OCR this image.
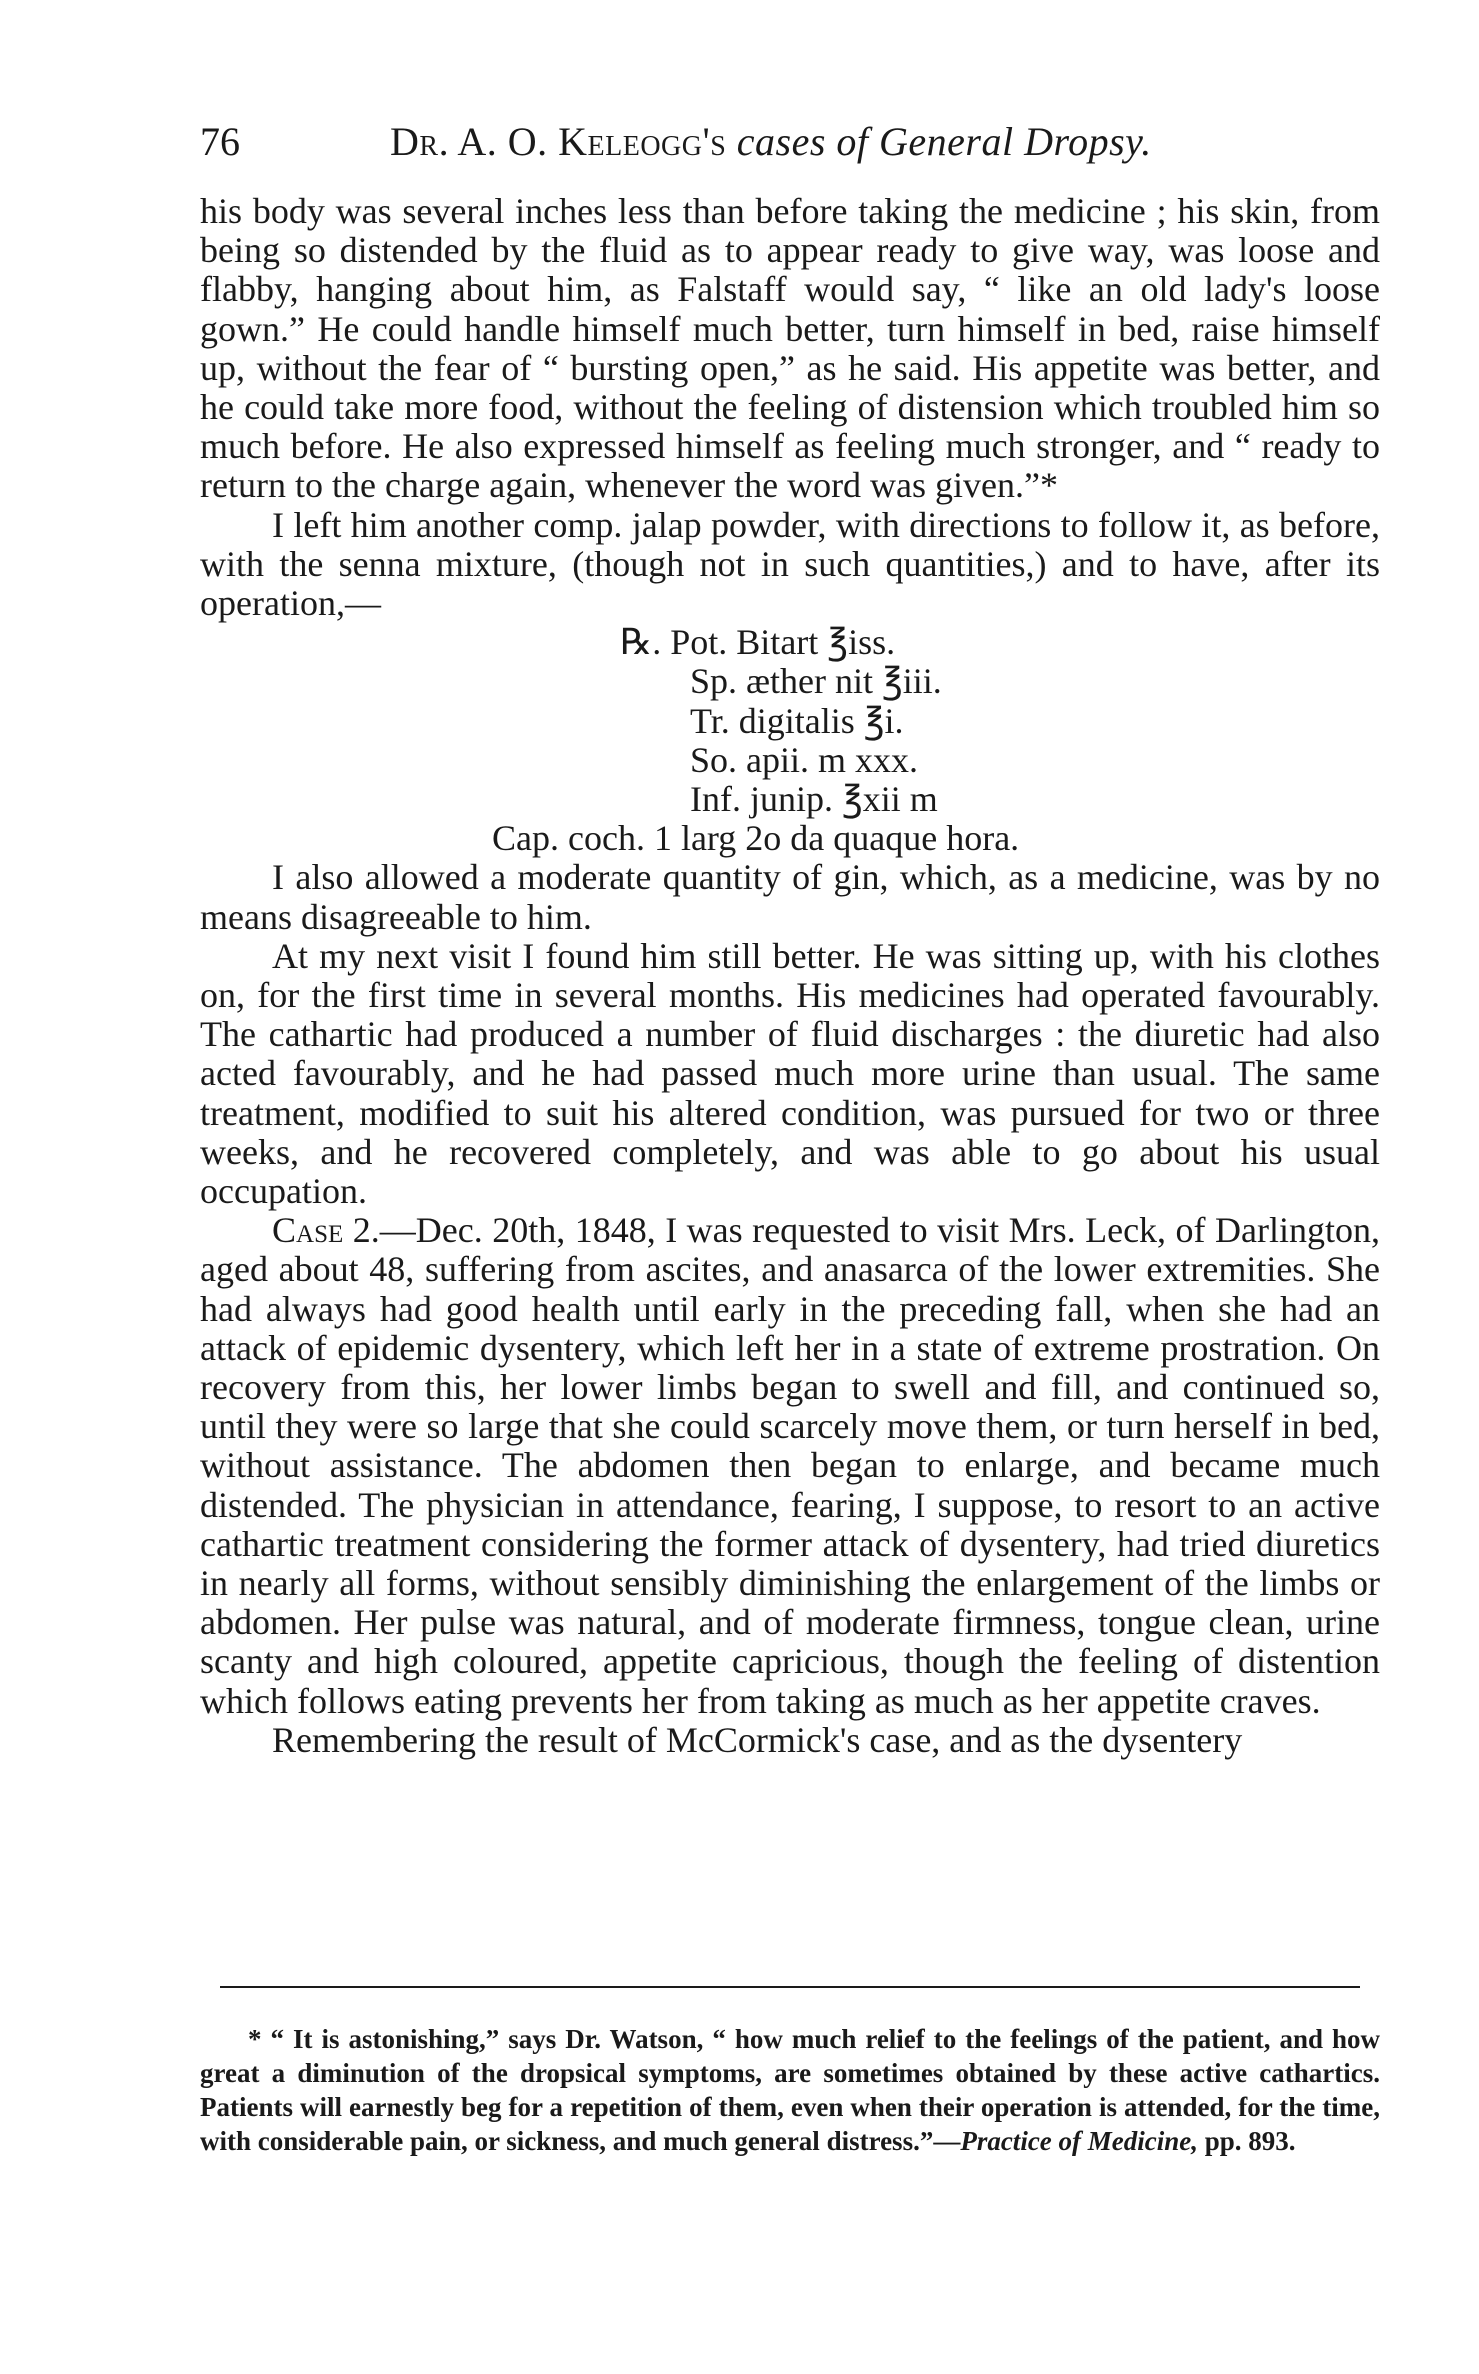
76	Dr. A. O. Keleogg's cases of General Dropsy.

his body was several inches less than before taking the medicine ; his skin, from being so distended by the fluid as to appear ready to give way, was loose and flabby, hanging about him, as Falstaff would say, “ like an old lady's loose gown.” He could handle himself much better, turn himself in bed, raise himself up, without the fear of “ bursting open,” as he said. His appetite was better, and he could take more food, without the feeling of distension which troubled him so much before. He also expressed himself as feeling much stronger, and “ ready to return to the charge again, whenever the word was given.”*

I left him another comp. jalap powder, with directions to follow it, as before, with the senna mixture, (though not in such quantities,) and to have, after its operation,—

℞. Pot. Bitart ℥iss.
Sp. æther nit ℥iii.
Tr. digitalis ℥i.
So. apii. m xxx.
Inf. junip. ℥xii m
Cap. coch. 1 larg 2o da quaque hora.

I also allowed a moderate quantity of gin, which, as a medicine, was by no means disagreeable to him.

At my next visit I found him still better. He was sitting up, with his clothes on, for the first time in several months. His medicines had operated favourably. The cathartic had produced a number of fluid discharges : the diuretic had also acted favourably, and he had passed much more urine than usual. The same treatment, modified to suit his altered condition, was pursued for two or three weeks, and he recovered completely, and was able to go about his usual occupation.

Case 2.—Dec. 20th, 1848, I was requested to visit Mrs. Leck, of Darlington, aged about 48, suffering from ascites, and anasarca of the lower extremities. She had always had good health until early in the preceding fall, when she had an attack of epidemic dysentery, which left her in a state of extreme prostration. On recovery from this, her lower limbs began to swell and fill, and continued so, until they were so large that she could scarcely move them, or turn herself in bed, without assistance. The abdomen then began to enlarge, and became much distended. The physician in attendance, fearing, I suppose, to resort to an active cathartic treatment considering the former attack of dysentery, had tried diuretics in nearly all forms, without sensibly diminishing the enlargement of the limbs or abdomen. Her pulse was natural, and of moderate firmness, tongue clean, urine scanty and high coloured, appetite capricious, though the feeling of distention which follows eating prevents her from taking as much as her appetite craves.

Remembering the result of McCormick's case, and as the dysentery

* “ It is astonishing,” says Dr. Watson, “ how much relief to the feelings of the patient, and how great a diminution of the dropsical symptoms, are sometimes obtained by these active cathartics. Patients will earnestly beg for a repetition of them, even when their operation is attended, for the time, with considerable pain, or sickness, and much general distress.”—Practice of Medicine, pp. 893.
